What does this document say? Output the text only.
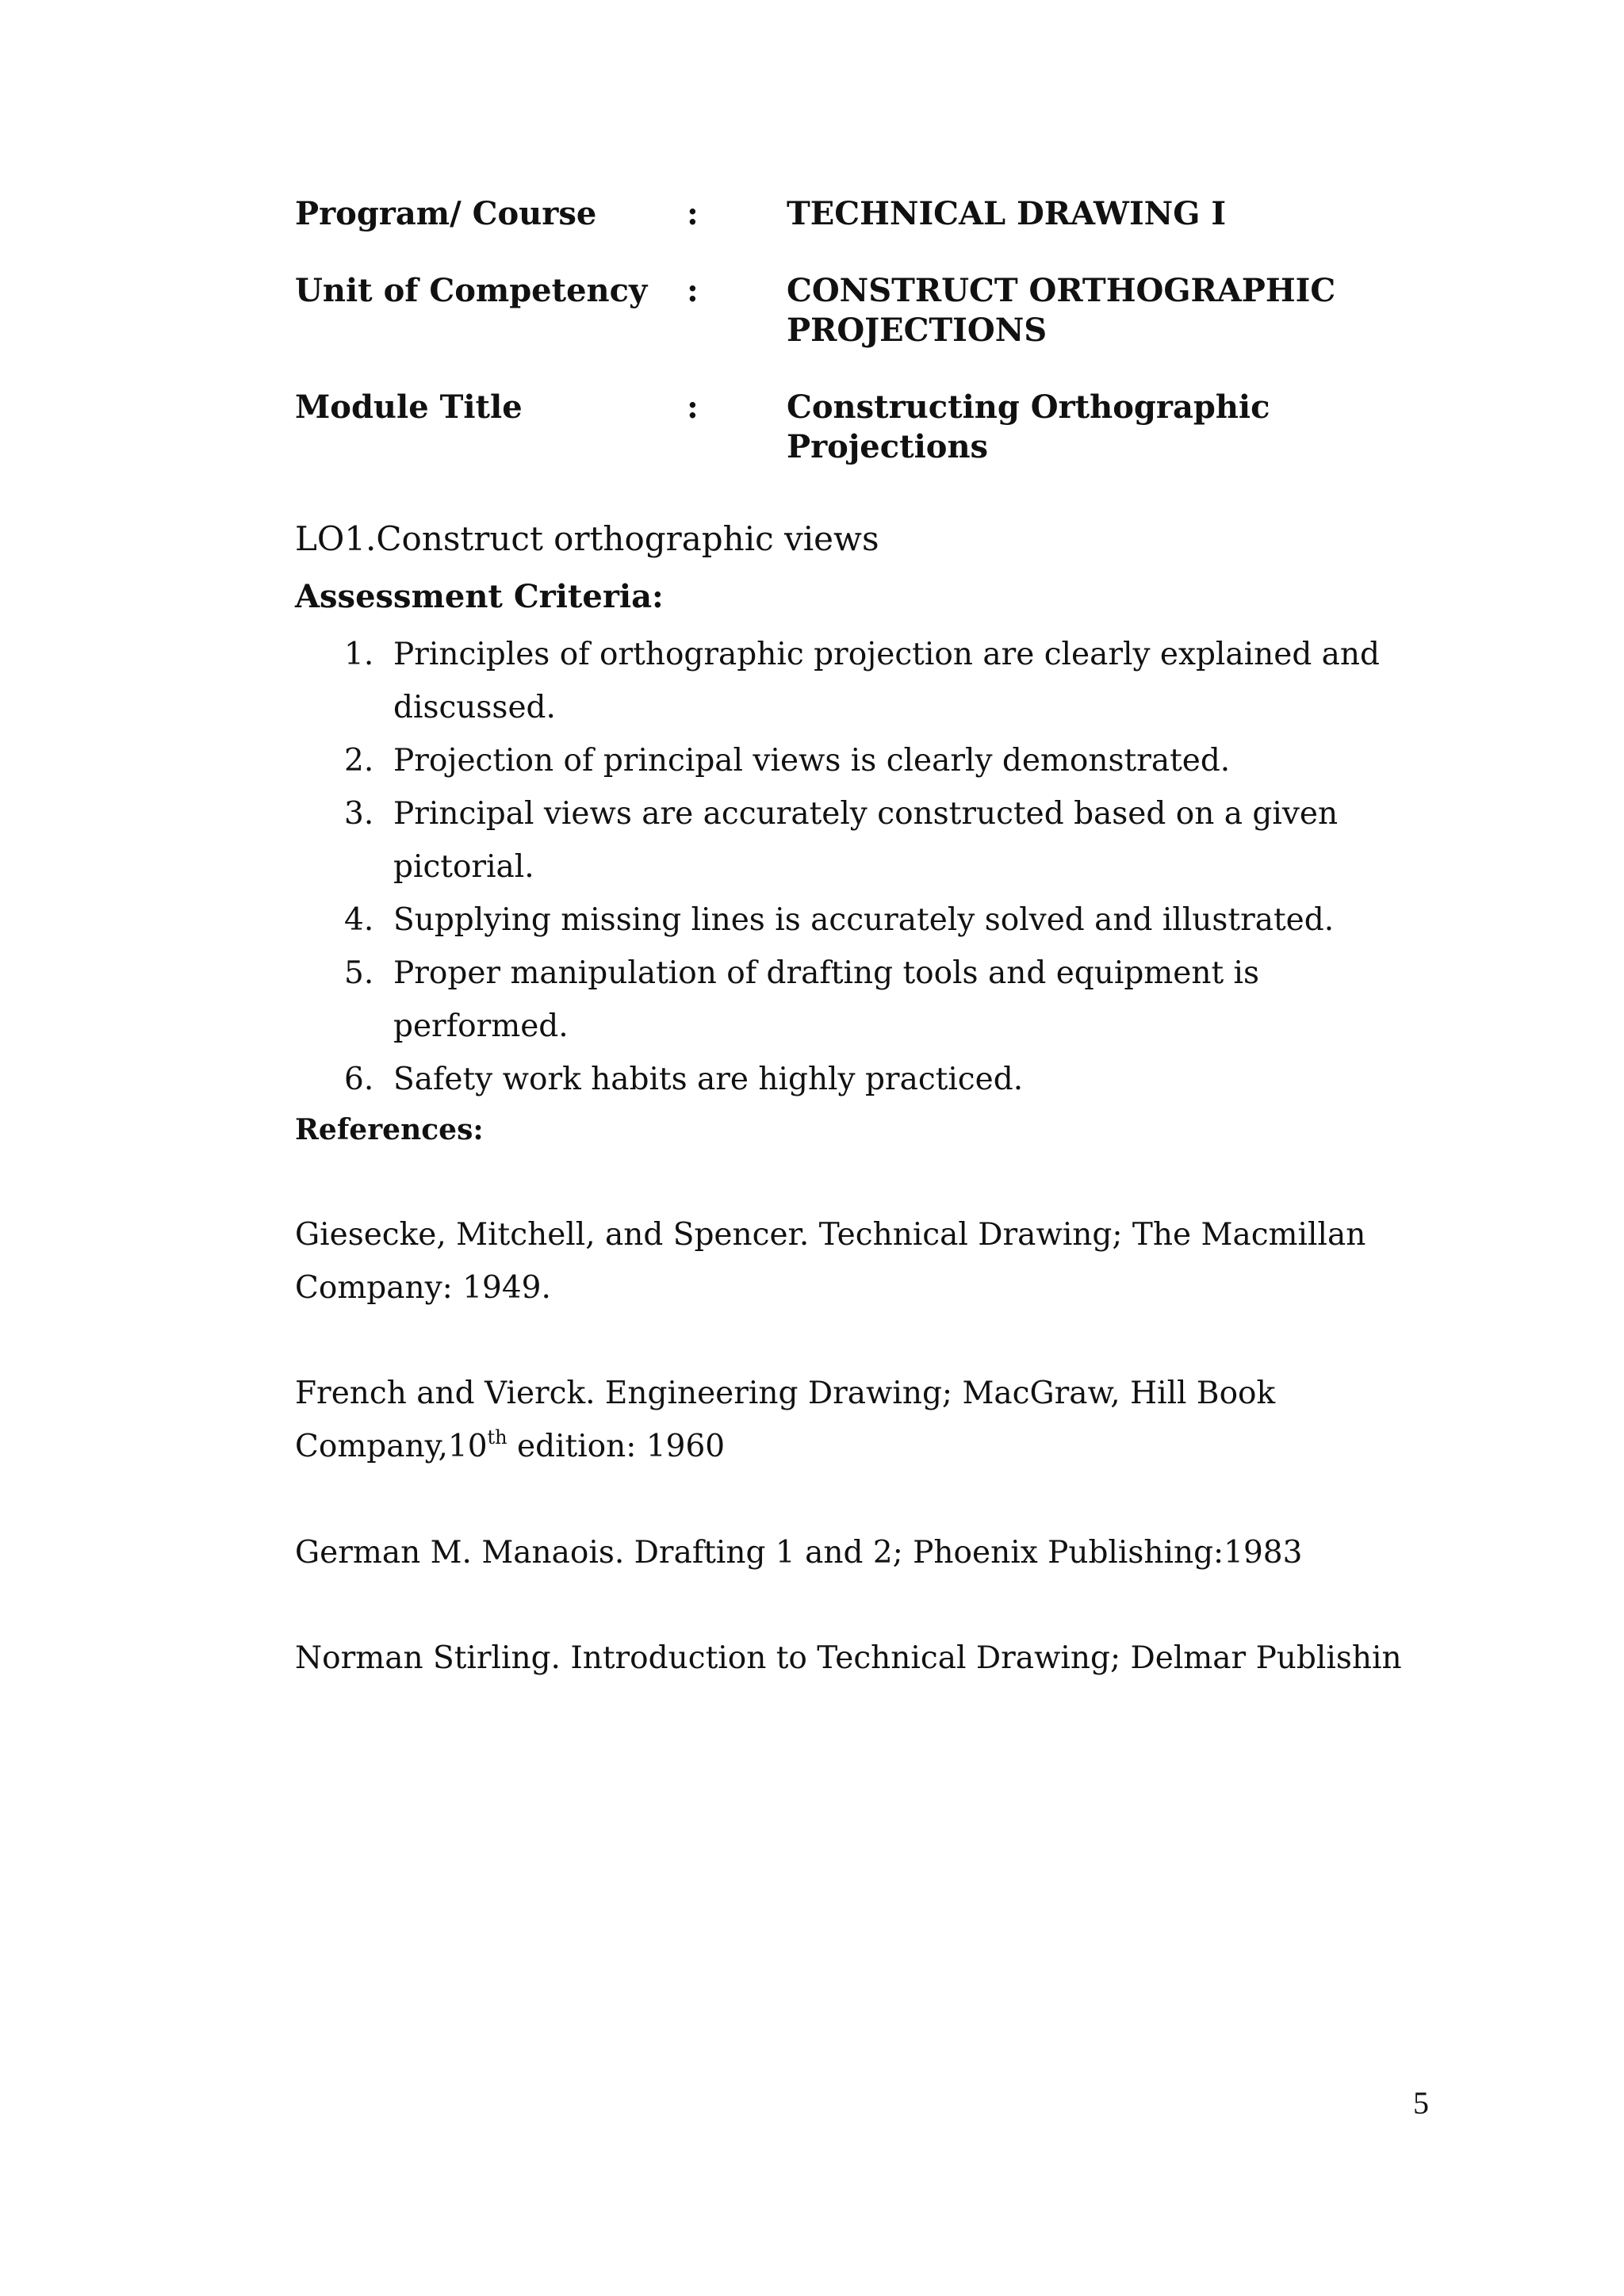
Program/ Course	:	TECHNICAL DRAWING I
Unit of Competency	:	CONSTRUCT ORTHOGRAPHIC PROJECTIONS
Module Title	:	Constructing Orthographic Projections
LO1.Construct orthographic views
Assessment Criteria:
1. Principles of orthographic projection are clearly explained and discussed.
2. Projection of principal views is clearly demonstrated.
3. Principal views are accurately constructed based on a given pictorial.
4. Supplying missing lines is accurately solved and illustrated.
5. Proper manipulation of drafting tools and equipment is performed.
6. Safety work habits are highly practiced.
References:
Giesecke, Mitchell, and Spencer. Technical Drawing; The Macmillan Company: 1949.
French and Vierck. Engineering Drawing; MacGraw, Hill Book Company,10th edition: 1960
German M. Manaois. Drafting 1 and 2; Phoenix Publishing:1983
Norman Stirling. Introduction to Technical Drawing; Delmar Publishin
5
